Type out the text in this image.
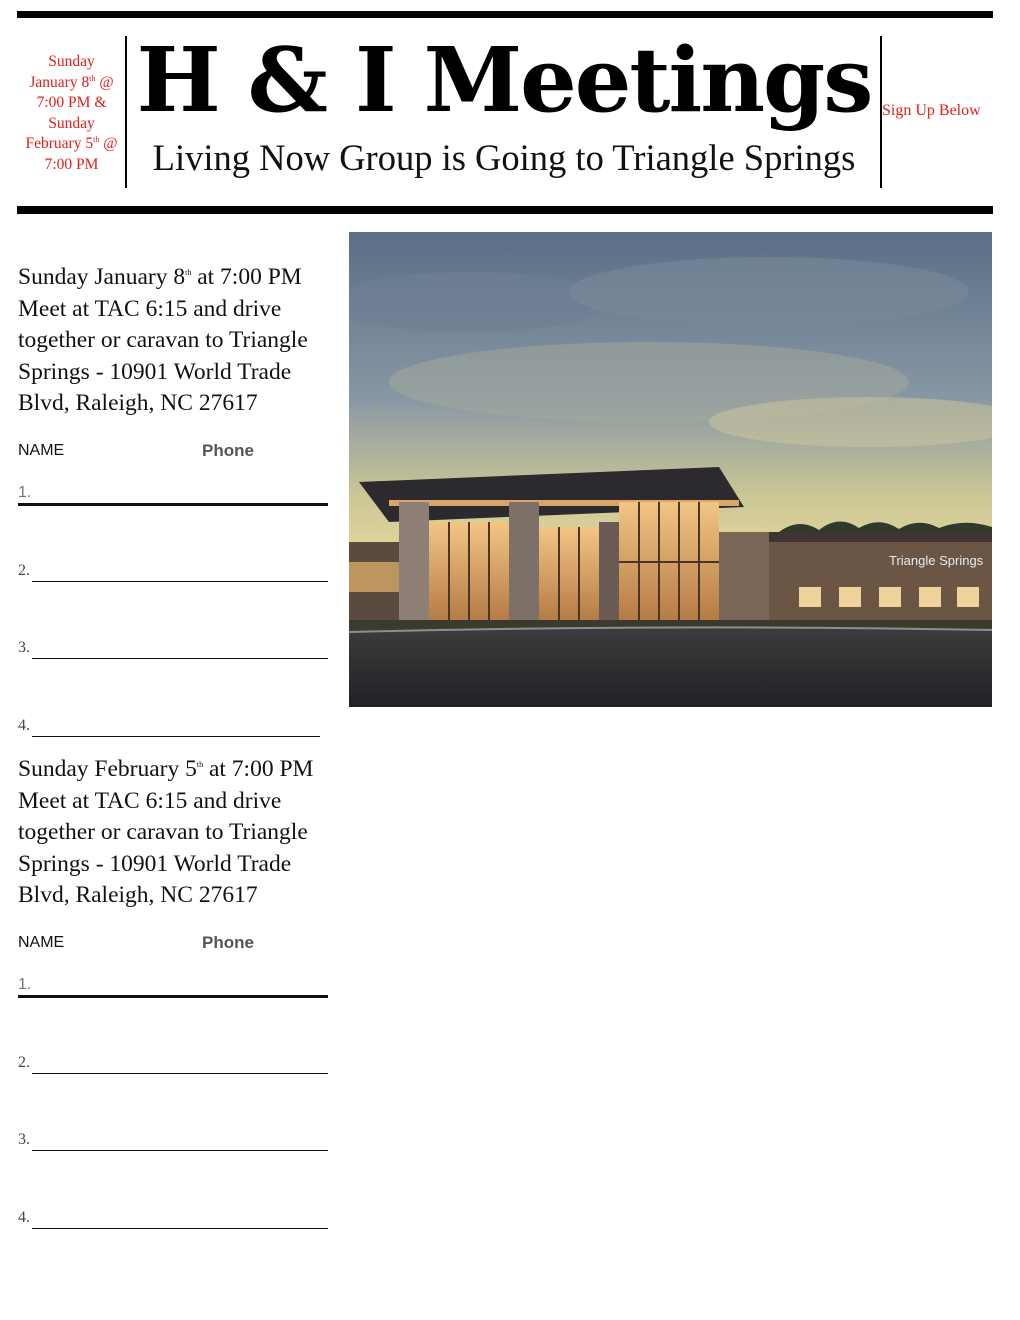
Sunday
January 8th @
7:00 PM &
Sunday
February 5th @
7:00 PM
H & I Meetings
Living Now Group is Going to Triangle Springs
Sign Up Below
Sunday January 8th at 7:00 PM Meet at TAC 6:15 and drive together or caravan to Triangle Springs - 10901 World Trade Blvd, Raleigh, NC 27617
NAME	Phone
1.
2.
3.
4.
Sunday February 5th at 7:00 PM Meet at TAC 6:15 and drive together or caravan to Triangle Springs - 10901 World Trade Blvd, Raleigh, NC 27617
NAME	Phone
1.
2.
3.
4.
Triangle Springs
